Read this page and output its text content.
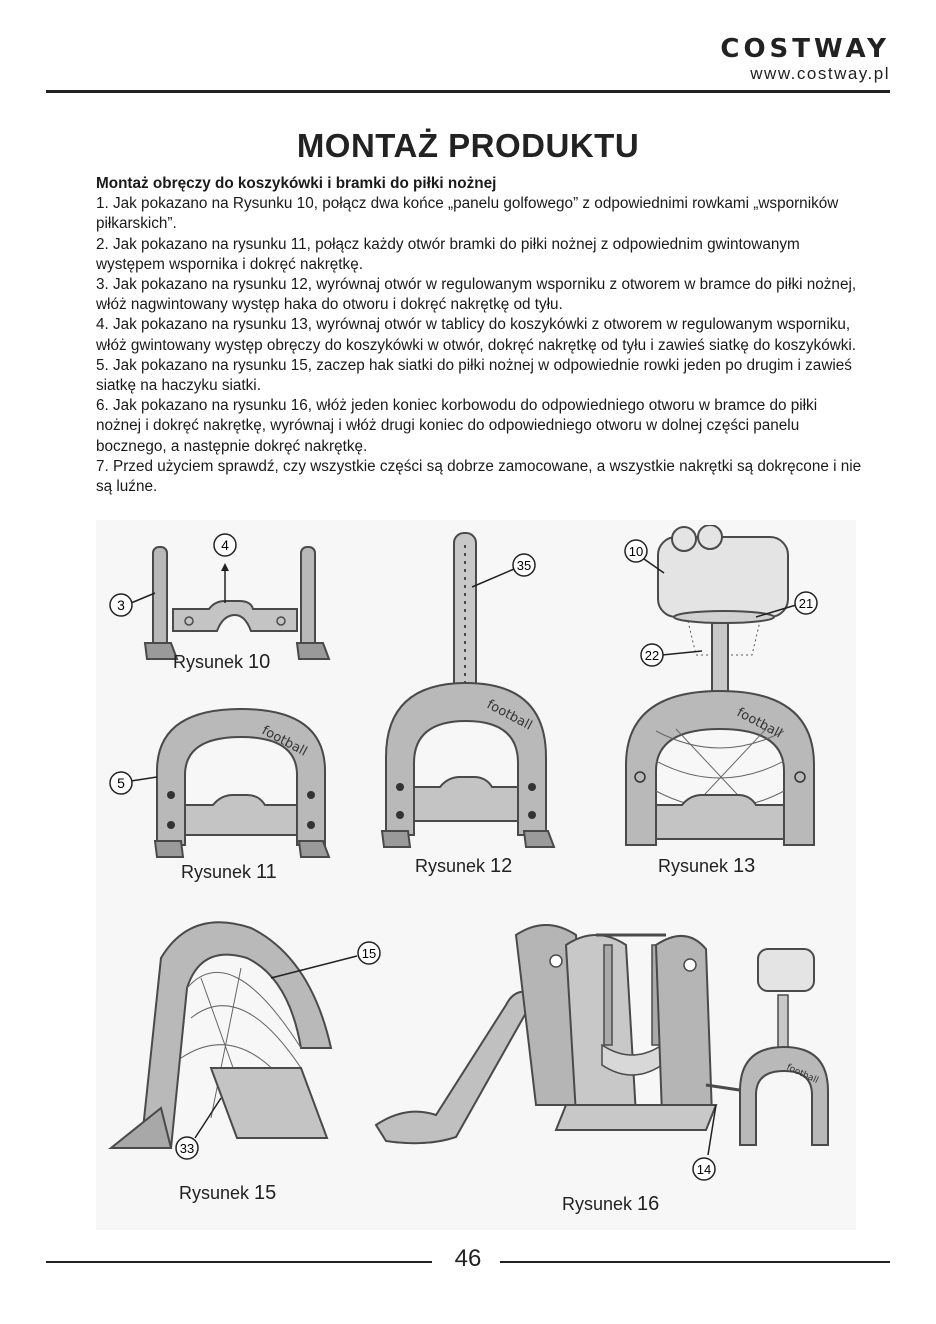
COSTWAY
www.costway.pl
MONTAŻ PRODUKTU
Montaż obręczy do koszykówki i bramki do piłki nożnej

1. Jak pokazano na Rysunku 10, połącz dwa końce „panelu golfowego” z odpowiednimi rowkami „wsporników piłkarskich”.

2. Jak pokazano na rysunku 11, połącz każdy otwór bramki do piłki nożnej z odpowiednim gwintowanym występem wspornika i dokręć nakrętkę.

3. Jak pokazano na rysunku 12, wyrównaj otwór w regulowanym wsporniku z otworem w bramce do piłki nożnej, włóż nagwintowany występ haka do otworu i dokręć nakrętkę od tyłu.

4. Jak pokazano na rysunku 13, wyrównaj otwór w tablicy do koszykówki z otworem w regulowanym wsporniku, włóż gwintowany występ obręczy do koszykówki w otwór, dokręć nakrętkę od tyłu i zawieś siatkę do koszykówki.

5. Jak pokazano na rysunku 15, zaczep hak siatki do piłki nożnej w odpowiednie rowki jeden po drugim i zawieś siatkę na haczyku siatki.

6. Jak pokazano na rysunku 16, włóż jeden koniec korbowodu do odpowiedniego otworu w bramce do piłki nożnej i dokręć nakrętkę, wyrównaj i włóż drugi koniec do odpowiedniego otworu w dolnej części panelu bocznego, a następnie dokręć nakrętkę.

7. Przed użyciem sprawdź, czy wszystkie części są dobrze zamocowane, a wszystkie nakrętki są dokręcone i nie są luźne.

4
3
Rysunek 10
football
5
Rysunek 11
football
35
Rysunek 12
football
10
21
22
Rysunek 13
15
33
Rysunek 15
football
14
Rysunek 16
46
